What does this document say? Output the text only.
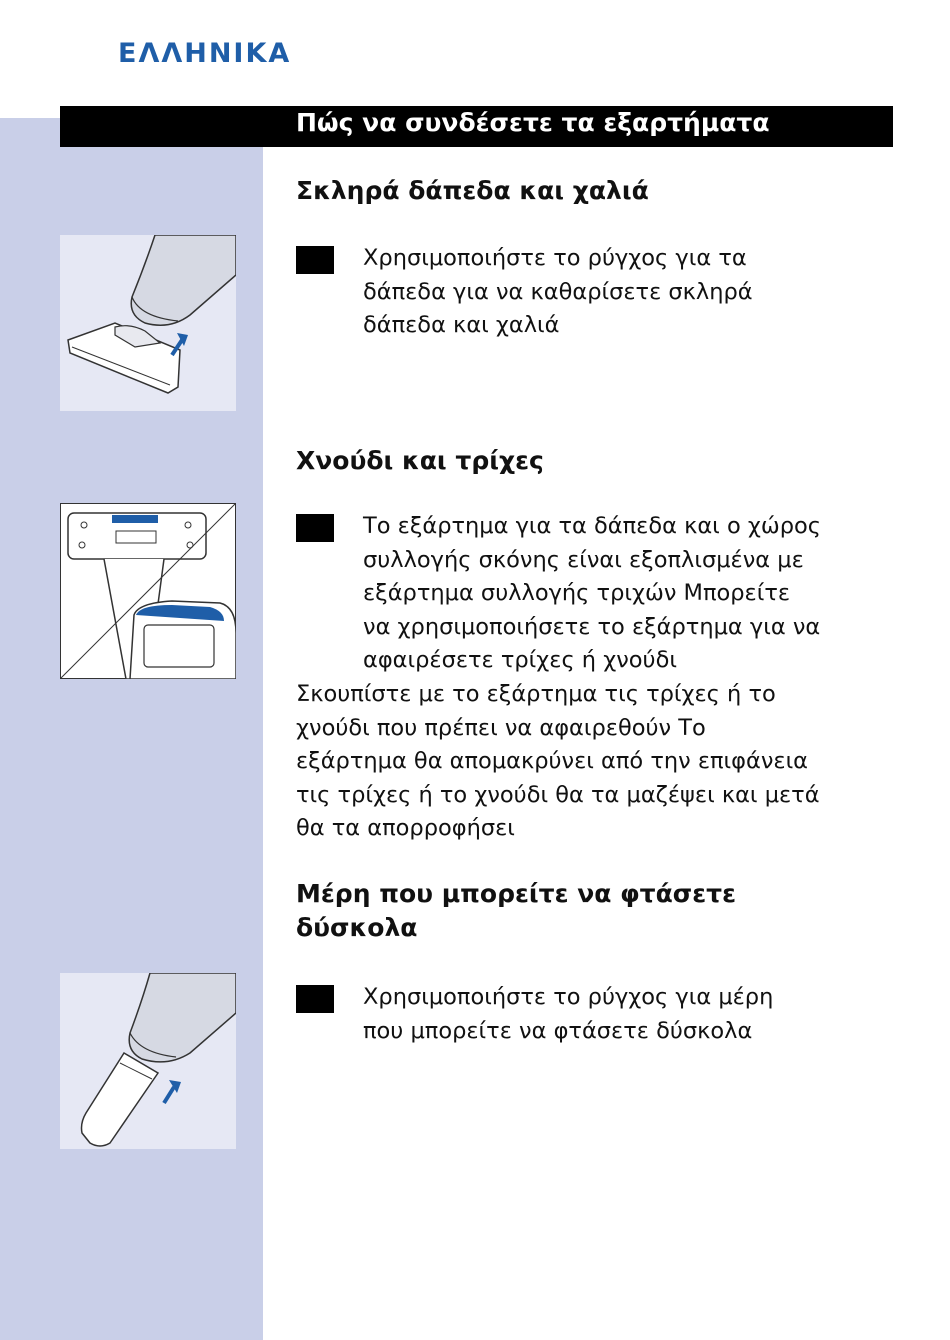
ΕΛΛΗΝΙΚΑ
Πώς να συνδέσετε τα εξαρτήματα
Σκληρά δάπεδα και χαλιά

Χρησιμοποιήστε το ρύγχος για τα
δάπεδα για να καθαρίσετε σκληρά
δάπεδα και χαλιά

Χνούδι και τρίχες

Το εξάρτημα για τα δάπεδα και ο χώρος
συλλογής σκόνης είναι εξοπλισμένα με
εξάρτημα συλλογής τριχών Μπορείτε
να χρησιμοποιήσετε το εξάρτημα για να
αφαιρέσετε τρίχες ή χνούδι

Σκουπίστε με το εξάρτημα τις τρίχες ή το
χνούδι που πρέπει να αφαιρεθούν Το
εξάρτημα θα απομακρύνει από την επιφάνεια
τις τρίχες ή το χνούδι θα τα μαζέψει και μετά
θα τα απορροφήσει

Μέρη που μπορείτε να φτάσετε
δύσκολα

Χρησιμοποιήστε το ρύγχος για μέρη
που μπορείτε να φτάσετε δύσκολα
